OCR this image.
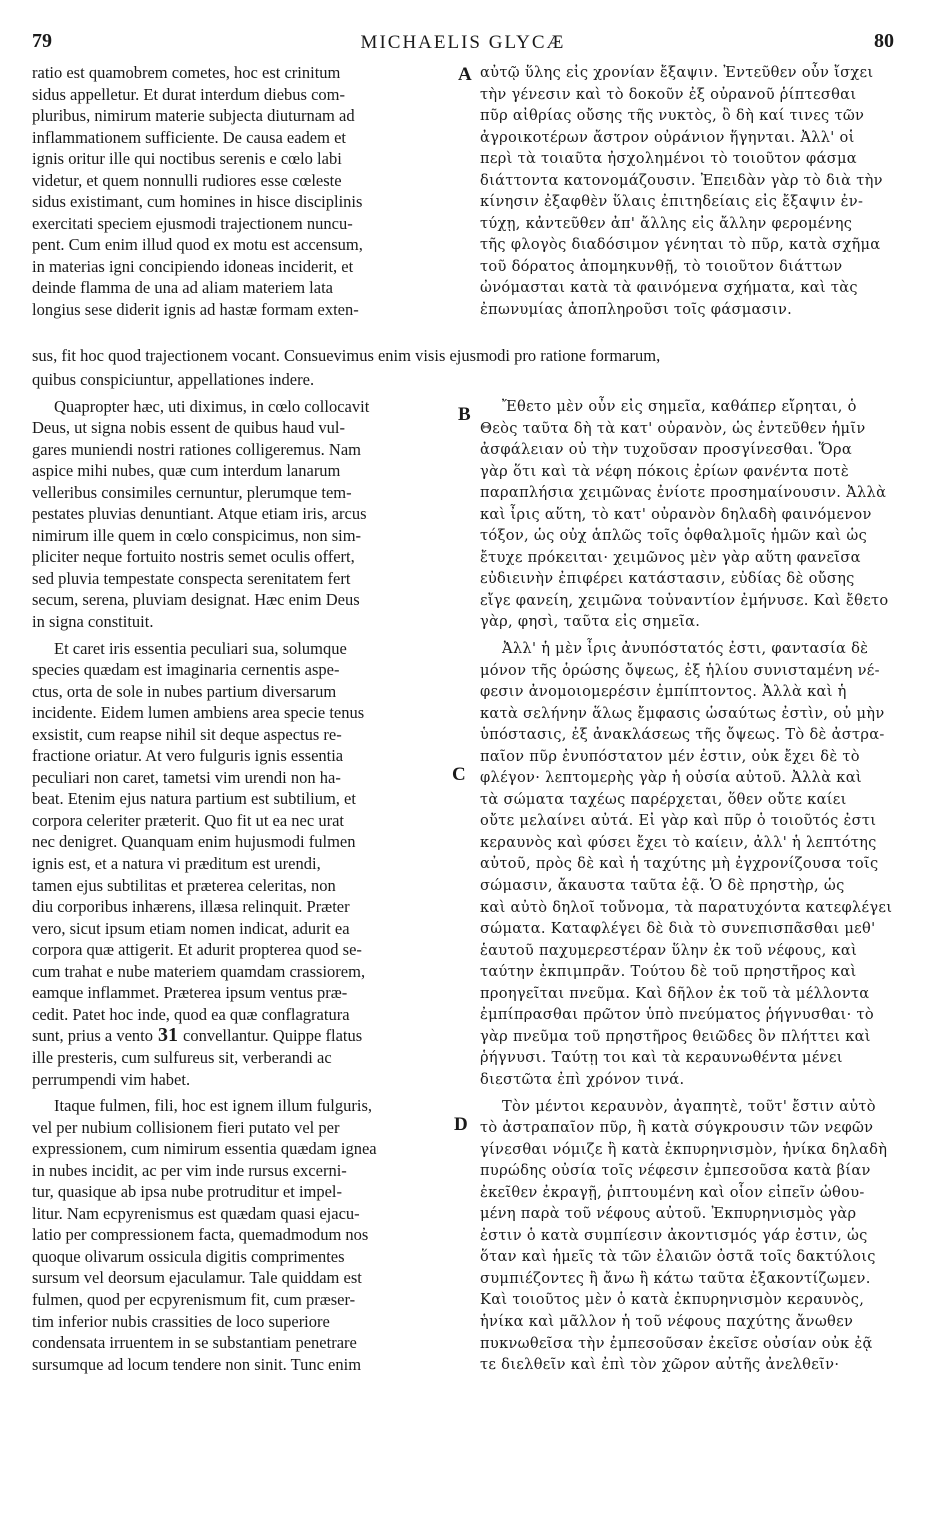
79	MICHAELIS GLYCÆ	80
A
B
C
D
ratio est quamobrem cometes, hoc est crinitum
sidus appelletur. Et durat interdum diebus com-
pluribus, nimirum materie subjecta diuturnam ad
inflammationem sufficiente. De causa eadem et
ignis oritur ille qui noctibus serenis e cœlo labi
videtur, et quem nonnulli rudiores esse cœleste
sidus existimant, cum homines in hisce disciplinis
exercitati speciem ejusmodi trajectionem nuncu-
pent. Cum enim illud quod ex motu est accensum,
in materias igni concipiendo idoneas inciderit, et
deinde flamma de una ad aliam materiem lata
longius sese diderit ignis ad hastæ formam exten-
αὐτῷ ὕλης εἰς χρονίαν ἔξαψιν. Ἐντεῦθεν οὖν ἴσχει
τὴν γένεσιν καὶ τὸ δοκοῦν ἐξ οὐρανοῦ ῥίπτεσθαι
πῦρ αἰθρίας οὔσης τῆς νυκτὸς, ὃ δὴ καί τινες τῶν
ἀγροικοτέρων ἄστρον οὐράνιον ἥγηνται. Ἀλλ' οἱ
περὶ τὰ τοιαῦτα ἠσχολημένοι τὸ τοιοῦτον φάσμα
διάττοντα κατονομάζουσιν. Ἐπειδὰν γὰρ τὸ διὰ τὴν
κίνησιν ἐξαφθὲν ὕλαις ἐπιτηδείαις εἰς ἔξαψιν ἐν-
τύχῃ, κἀντεῦθεν ἀπ' ἄλλης εἰς ἄλλην φερομένης
τῆς φλογὸς διαδόσιμον γένηται τὸ πῦρ, κατὰ σχῆμα
τοῦ δόρατος ἀπομηκυνθῇ, τὸ τοιοῦτον διάττων
ὠνόμασται κατὰ τὰ φαινόμενα σχήματα, καὶ τὰς
ἐπωνυμίας ἀποπληροῦσι τοῖς φάσμασιν.
sus, fit hoc quod trajectionem vocant. Consuevimus enim visis ejusmodi pro ratione formarum,
quibus conspiciuntur, appellationes indere.
Quapropter hæc, uti diximus, in cœlo collocavit
Deus, ut signa nobis essent de quibus haud vul-
gares muniendi nostri rationes colligeremus. Nam
aspice mihi nubes, quæ cum interdum lanarum
velleribus consimiles cernuntur, plerumque tem-
pestates pluvias denuntiant. Atque etiam iris, arcus
nimirum ille quem in cœlo conspicimus, non sim-
pliciter neque fortuito nostris semet oculis offert,
sed pluvia tempestate conspecta serenitatem fert
secum, serena, pluviam designat. Hæc enim Deus
in signa constituit.
Et caret iris essentia peculiari sua, solumque
species quædam est imaginaria cernentis aspe-
ctus, orta de sole in nubes partium diversarum
incidente. Eidem lumen ambiens area specie tenus
exsistit, cum reapse nihil sit deque aspectus re-
fractione oriatur. At vero fulguris ignis essentia
peculiari non caret, tametsi vim urendi non ha-
beat. Etenim ejus natura partium est subtilium, et
corpora celeriter præterit. Quo fit ut ea nec urat
nec denigret. Quanquam enim hujusmodi fulmen
ignis est, et a natura vi præditum est urendi,
tamen ejus subtilitas et præterea celeritas, non
diu corporibus inhærens, illæsa relinquit. Præter
vero, sicut ipsum etiam nomen indicat, adurit ea
corpora quæ attigerit. Et adurit propterea quod se-
cum trahat e nube materiem quamdam crassiorem,
eamque inflammet. Præterea ipsum ventus præ-
cedit. Patet hoc inde, quod ea quæ conflagratura
sunt, prius a vento 31 convellantur. Quippe flatus
ille presteris, cum sulfureus sit, verberandi ac
perrumpendi vim habet.
Itaque fulmen, fili, hoc est ignem illum fulguris,
vel per nubium collisionem fieri putato vel per
expressionem, cum nimirum essentia quædam ignea
in nubes incidit, ac per vim inde rursus excerni-
tur, quasique ab ipsa nube protruditur et impel-
litur. Nam ecpyrenismus est quædam quasi ejacu-
latio per compressionem facta, quemadmodum nos
quoque olivarum ossicula digitis comprimentes
sursum vel deorsum ejaculamur. Tale quiddam est
fulmen, quod per ecpyrenismum fit, cum præser-
tim inferior nubis crassities de loco superiore
condensata irruentem in se substantiam penetrare
sursumque ad locum tendere non sinit. Tunc enim
Ἔθετο μὲν οὖν εἰς σημεῖα, καθάπερ εἴρηται, ὁ
Θεὸς ταῦτα δὴ τὰ κατ' οὐρανὸν, ὡς ἐντεῦθεν ἡμῖν
ἀσφάλειαν οὐ τὴν τυχοῦσαν προσγίνεσθαι. Ὅρα
γὰρ ὅτι καὶ τὰ νέφη πόκοις ἐρίων φανέντα ποτὲ
παραπλήσια χειμῶνας ἐνίοτε προσημαίνουσιν. Ἀλλὰ
καὶ ἶρις αὕτη, τὸ κατ' οὐρανὸν δηλαδὴ φαινόμενον
τόξον, ὡς οὐχ ἁπλῶς τοῖς ὀφθαλμοῖς ἡμῶν καὶ ὡς
ἔτυχε πρόκειται· χειμῶνος μὲν γὰρ αὕτη φανεῖσα
εὐδιεινὴν ἐπιφέρει κατάστασιν, εὐδίας δὲ οὔσης
εἴγε φανείη, χειμῶνα τοὐναντίον ἐμήνυσε. Καὶ ἔθετο
γὰρ, φησὶ, ταῦτα εἰς σημεῖα.
Ἀλλ' ἡ μὲν ἶρις ἀνυπόστατός ἐστι, φαντασία δὲ
μόνον τῆς ὁρώσης ὄψεως, ἐξ ἡλίου συνισταμένη νέ-
φεσιν ἀνομοιομερέσιν ἐμπίπτοντος. Ἀλλὰ καὶ ἡ
κατὰ σελήνην ἅλως ἔμφασις ὡσαύτως ἐστὶν, οὐ μὴν
ὑπόστασις, ἐξ ἀνακλάσεως τῆς ὄψεως. Τὸ δὲ ἀστρα-
παῖον πῦρ ἐνυπόστατον μέν ἐστιν, οὐκ ἔχει δὲ τὸ
φλέγον· λεπτομερὴς γὰρ ἡ οὐσία αὐτοῦ. Ἀλλὰ καὶ
τὰ σώματα ταχέως παρέρχεται, ὅθεν οὔτε καίει
οὔτε μελαίνει αὐτά. Εἰ γὰρ καὶ πῦρ ὁ τοιοῦτός ἐστι
κεραυνὸς καὶ φύσει ἔχει τὸ καίειν, ἀλλ' ἡ λεπτότης
αὐτοῦ, πρὸς δὲ καὶ ἡ ταχύτης μὴ ἐγχρονίζουσα τοῖς
σώμασιν, ἄκαυστα ταῦτα ἐᾷ. Ὁ δὲ πρηστὴρ, ὡς
καὶ αὐτὸ δηλοῖ τοὔνομα, τὰ παρατυχόντα κατεφλέγει
σώματα. Καταφλέγει δὲ διὰ τὸ συνεπισπᾶσθαι μεθ'
ἑαυτοῦ παχυμερεστέραν ὕλην ἐκ τοῦ νέφους, καὶ
ταύτην ἐκπιμπρᾶν. Τούτου δὲ τοῦ πρηστῆρος καὶ
προηγεῖται πνεῦμα. Καὶ δῆλον ἐκ τοῦ τὰ μέλλοντα
ἐμπίπρασθαι πρῶτον ὑπὸ πνεύματος ῥήγνυσθαι· τὸ
γὰρ πνεῦμα τοῦ πρηστῆρος θειῶδες ὂν πλήττει καὶ
ῥήγνυσι. Ταύτῃ τοι καὶ τὰ κεραυνωθέντα μένει
διεστῶτα ἐπὶ χρόνον τινά.
Τὸν μέντοι κεραυνὸν, ἀγαπητὲ, τοῦτ' ἔστιν αὐτὸ
τὸ ἀστραπαῖον πῦρ, ἢ κατὰ σύγκρουσιν τῶν νεφῶν
γίνεσθαι νόμιζε ἢ κατὰ ἐκπυρηνισμὸν, ἡνίκα δηλαδὴ
πυρώδης οὐσία τοῖς νέφεσιν ἐμπεσοῦσα κατὰ βίαν
ἐκεῖθεν ἐκραγῇ, ῥιπτουμένη καὶ οἷον εἰπεῖν ὠθου-
μένη παρὰ τοῦ νέφους αὐτοῦ. Ἐκπυρηνισμὸς γὰρ
ἐστιν ὁ κατὰ συμπίεσιν ἀκοντισμός γάρ ἐστιν, ὡς
ὅταν καὶ ἡμεῖς τὰ τῶν ἐλαιῶν ὀστᾶ τοῖς δακτύλοις
συμπιέζοντες ἢ ἄνω ἢ κάτω ταῦτα ἐξακοντίζωμεν.
Καὶ τοιοῦτος μὲν ὁ κατὰ ἐκπυρηνισμὸν κεραυνὸς,
ἡνίκα καὶ μᾶλλον ἡ τοῦ νέφους παχύτης ἄνωθεν
πυκνωθεῖσα τὴν ἐμπεσοῦσαν ἐκεῖσε οὐσίαν οὐκ ἐᾷ
τε διελθεῖν καὶ ἐπὶ τὸν χῶρον αὐτῆς ἀνελθεῖν·
